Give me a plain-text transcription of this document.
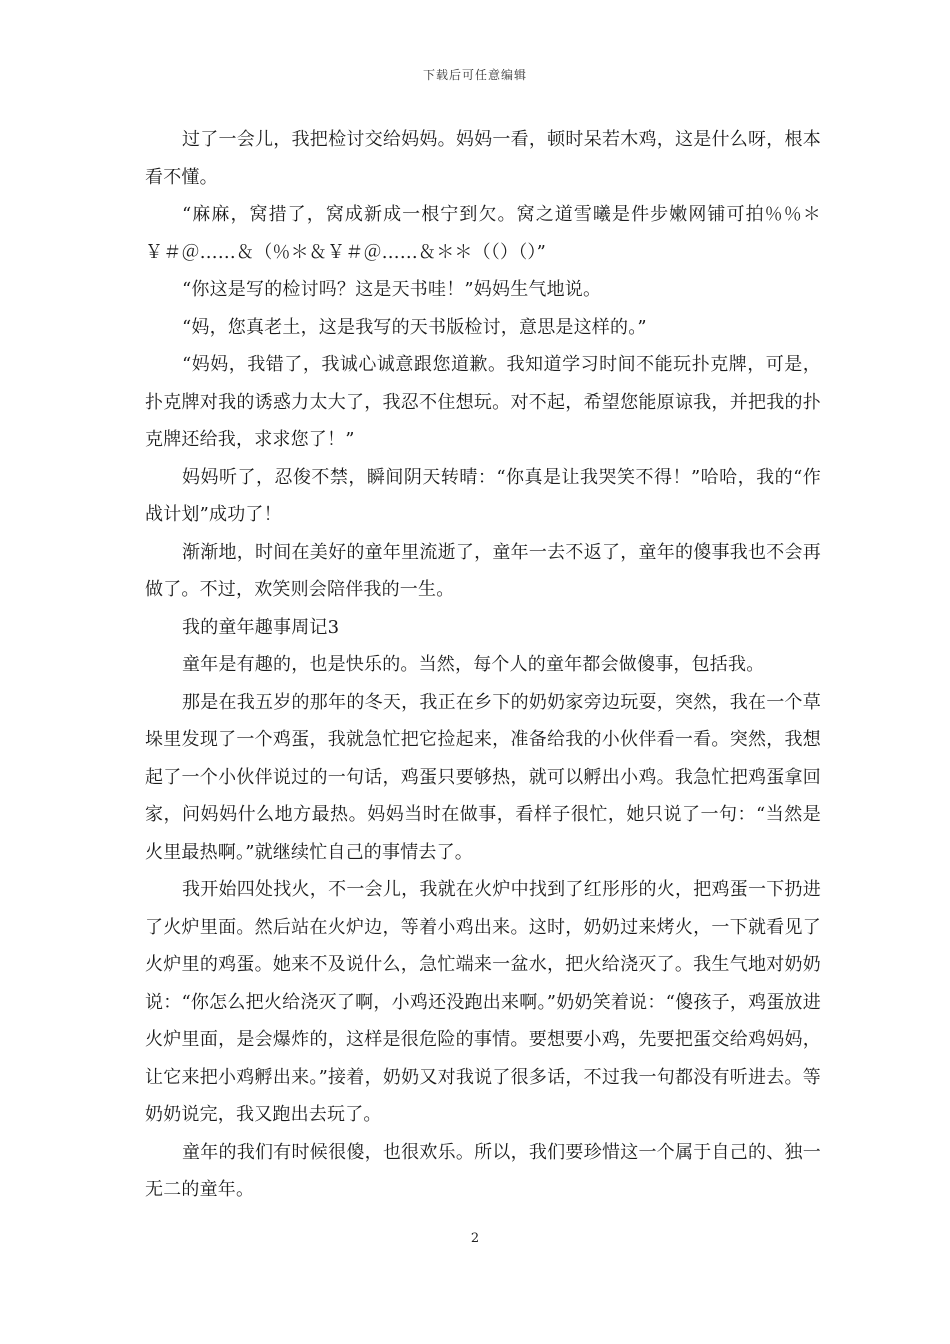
下载后可任意编辑

过了一会儿，我把检讨交给妈妈。妈妈一看，顿时呆若木鸡，这是什么呀，根本看不懂。

“麻麻，窝措了，窝成新成一根宁到欠。窝之道雪曦是件步嫩网铺可拍％％＊￥＃＠……＆（％＊＆￥＃＠……＆＊＊（（）（）”

“你这是写的检讨吗？这是天书哇！”妈妈生气地说。

“妈，您真老土，这是我写的天书版检讨，意思是这样的。”

“妈妈，我错了，我诚心诚意跟您道歉。我知道学习时间不能玩扑克牌，可是，扑克牌对我的诱惑力太大了，我忍不住想玩。对不起，希望您能原谅我，并把我的扑克牌还给我，求求您了！”

妈妈听了，忍俊不禁，瞬间阴天转晴：“你真是让我哭笑不得！”哈哈，我的“作战计划”成功了！

渐渐地，时间在美好的童年里流逝了，童年一去不返了，童年的傻事我也不会再做了。不过，欢笑则会陪伴我的一生。

我的童年趣事周记3

童年是有趣的，也是快乐的。当然，每个人的童年都会做傻事，包括我。

那是在我五岁的那年的冬天，我正在乡下的奶奶家旁边玩耍，突然，我在一个草垛里发现了一个鸡蛋，我就急忙把它捡起来，准备给我的小伙伴看一看。突然，我想起了一个小伙伴说过的一句话，鸡蛋只要够热，就可以孵出小鸡。我急忙把鸡蛋拿回家，问妈妈什么地方最热。妈妈当时在做事，看样子很忙，她只说了一句：“当然是火里最热啊。”就继续忙自己的事情去了。

我开始四处找火，不一会儿，我就在火炉中找到了红彤彤的火，把鸡蛋一下扔进了火炉里面。然后站在火炉边，等着小鸡出来。这时，奶奶过来烤火，一下就看见了火炉里的鸡蛋。她来不及说什么，急忙端来一盆水，把火给浇灭了。我生气地对奶奶说：“你怎么把火给浇灭了啊，小鸡还没跑出来啊。”奶奶笑着说：“傻孩子，鸡蛋放进火炉里面，是会爆炸的，这样是很危险的事情。要想要小鸡，先要把蛋交给鸡妈妈，让它来把小鸡孵出来。”接着，奶奶又对我说了很多话，不过我一句都没有听进去。等奶奶说完，我又跑出去玩了。

童年的我们有时候很傻，也很欢乐。所以，我们要珍惜这一个属于自己的、独一无二的童年。

2
